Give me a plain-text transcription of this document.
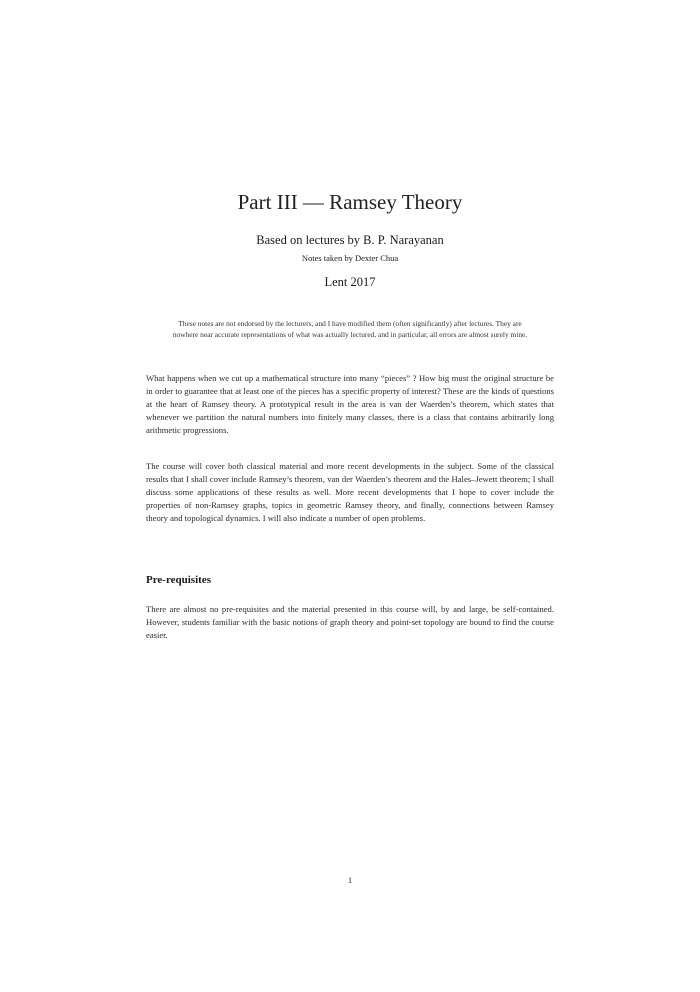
Part III — Ramsey Theory
Based on lectures by B. P. Narayanan
Notes taken by Dexter Chua
Lent 2017
These notes are not endorsed by the lecturers, and I have modified them (often significantly) after lectures. They are nowhere near accurate representations of what was actually lectured, and in particular, all errors are almost surely mine.

What happens when we cut up a mathematical structure into many “pieces” ? How big must the original structure be in order to guarantee that at least one of the pieces has a specific property of interest? These are the kinds of questions at the heart of Ramsey theory. A prototypical result in the area is van der Waerden’s theorem, which states that whenever we partition the natural numbers into finitely many classes, there is a class that contains arbitrarily long arithmetic progressions.

The course will cover both classical material and more recent developments in the subject. Some of the classical results that I shall cover include Ramsey’s theorem, van der Waerden’s theorem and the Hales–Jewett theorem; I shall discuss some applications of these results as well. More recent developments that I hope to cover include the properties of non-Ramsey graphs, topics in geometric Ramsey theory, and finally, connections between Ramsey theory and topological dynamics. I will also indicate a number of open problems.

Pre-requisites

There are almost no pre-requisites and the material presented in this course will, by and large, be self-contained. However, students familiar with the basic notions of graph theory and point-set topology are bound to find the course easier.

1
